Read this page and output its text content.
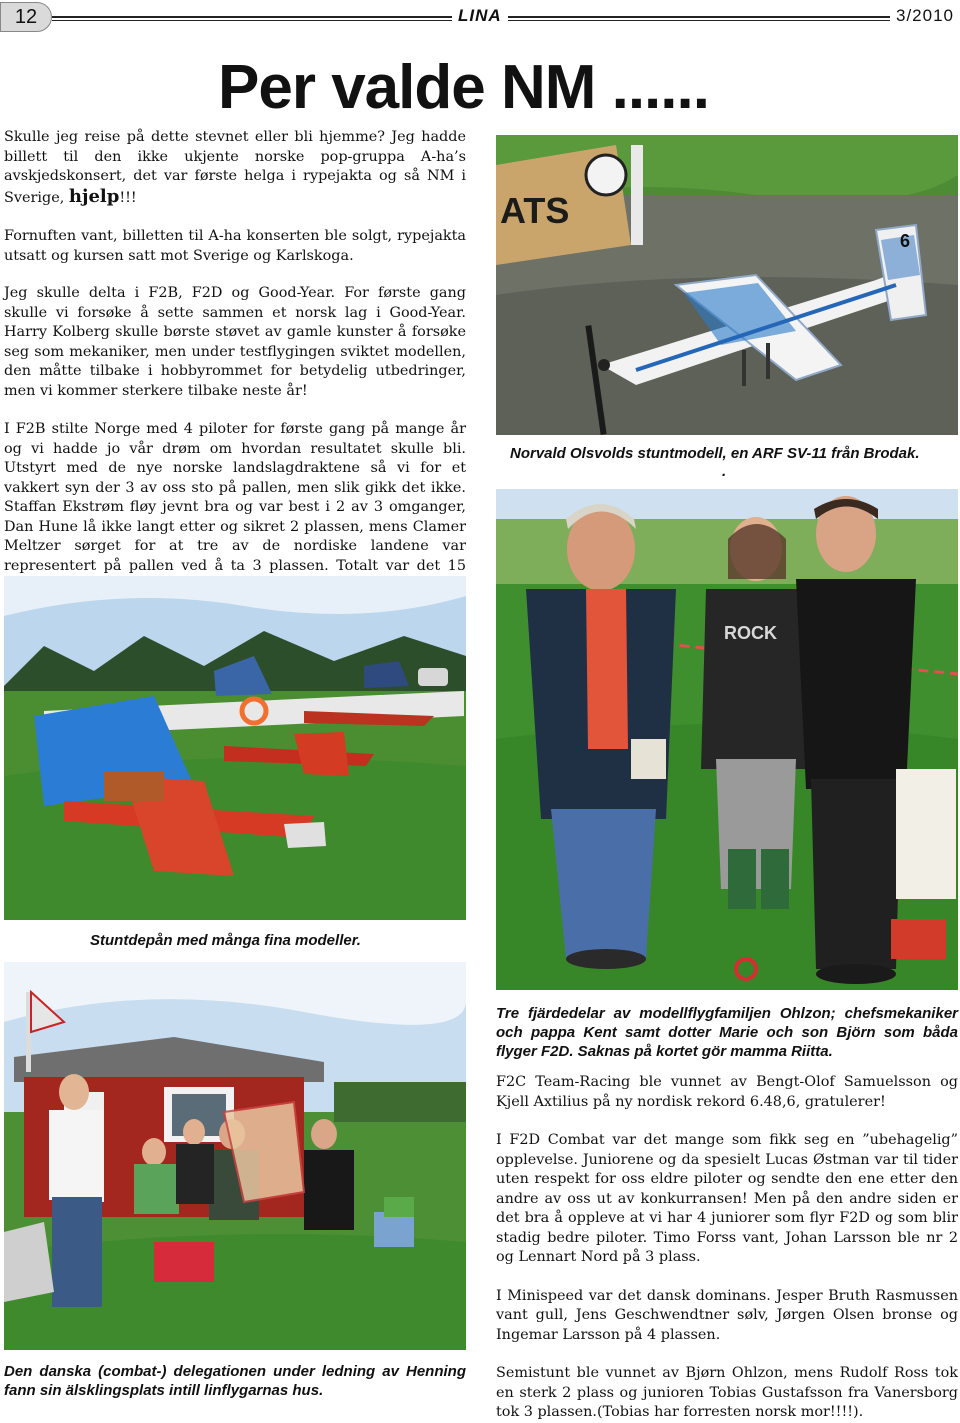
12	LINA	3/2010
Per valde NM ......

Skulle jeg reise på dette stevnet eller bli hjemme? Jeg hadde billett til den ikke ukjente norske pop-gruppa A-ha’s avskjedskonsert, det var første helga i rypejakta og så NM i Sverige, hjelp!!!

Fornuften vant, billetten til A-ha konserten ble solgt, rypejakta utsatt og kursen satt mot Sverige og Karlskoga.

Jeg skulle delta i F2B, F2D og Good-Year. For første gang skulle vi forsøke å sette sammen et norsk lag i Good-Year. Harry Kolberg skulle børste støvet av gamle kunster å forsøke seg som mekaniker, men under testflygingen sviktet modellen, den måtte tilbake i hobbyrommet for betydelig utbedringer, men vi kommer sterkere tilbake neste år!

I F2B stilte Norge med 4 piloter for første gang på mange år og vi hadde jo vår drøm om hvordan resultatet skulle bli. Utstyrt med de nye norske landslagdraktene så vi for et vakkert syn der 3 av oss sto på pallen, men slik gikk det ikke. Staffan Ekstrøm fløy jevnt bra og var best i 2 av 3 omganger, Dan Hune lå ikke langt etter og sikret 2 plassen, mens Clamer Meltzer sørget for at tre av de nordiske landene var representert på pallen ved å ta 3 plassen. Totalt var det 15

ATS
6
Norvald Olsvolds stuntmodell, en ARF SV-11 från Brodak.
.
Stuntdepån med många fina modeller.
ROCK
Tre fjärdedelar av modellflygfamiljen Ohlzon; chefsmekaniker och pappa Kent samt dotter Marie och son Björn som båda flyger F2D. Saknas på kortet gör mamma Riitta.
Den danska (combat-) delegationen under ledning av Henning fann sin älsklingsplats intill linflygarnas hus.

F2C Team-Racing ble vunnet av Bengt-Olof Samuelsson og Kjell Axtilius på ny nordisk rekord 6.48,6, gratulerer!

I F2D Combat var det mange som fikk seg en ”ubehagelig” opplevelse. Juniorene og da spesielt Lucas Østman var til tider uten respekt for oss eldre piloter og sendte den ene etter den andre av oss ut av konkurransen! Men på den andre siden er det bra å oppleve at vi har 4 juniorer som flyr F2D og som blir stadig bedre piloter. Timo Forss vant, Johan Larsson ble nr 2 og Lennart Nord på 3 plass.

I Minispeed var det dansk dominans. Jesper Bruth Rasmussen vant gull, Jens Geschwendtner sølv, Jørgen Olsen bronse og Ingemar Larsson på 4 plassen.

Semistunt ble vunnet av Bjørn Ohlzon, mens Rudolf Ross tok en sterk 2 plass og junioren Tobias Gustafsson fra Vanersborg tok 3 plassen.(Tobias har forresten norsk mor!!!!).
